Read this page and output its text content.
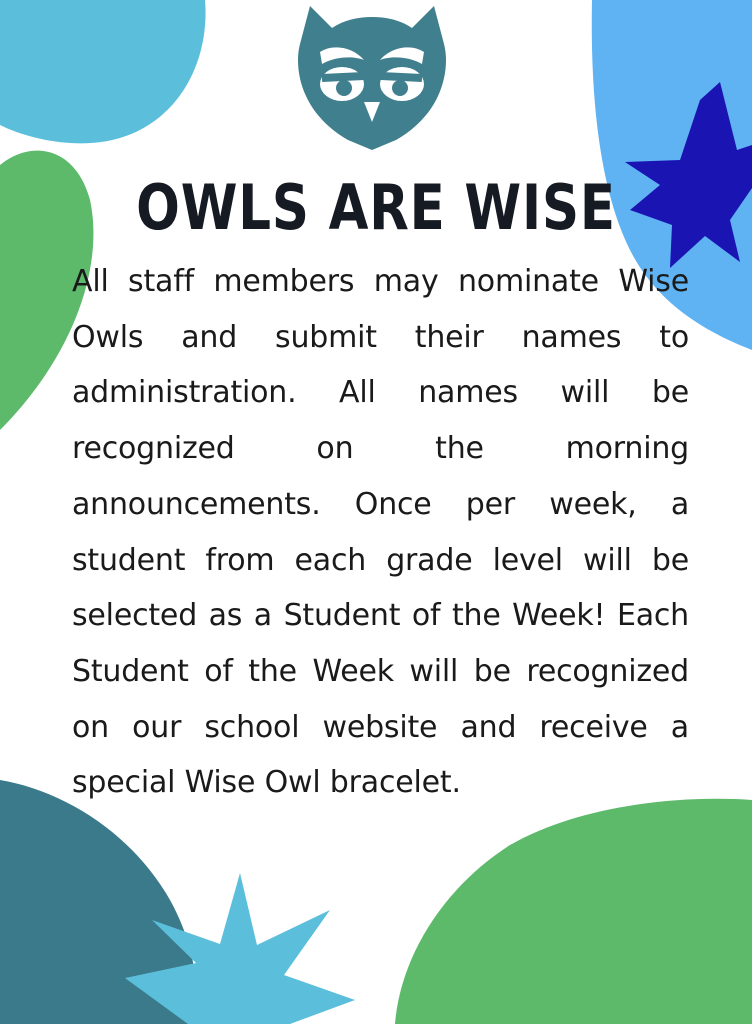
OWLS ARE WISE
All staff members may nominate Wise Owls and submit their names to administration. All names will be recognized on the morning announcements. Once per week, a student from each grade level will be selected as a Student of the Week! Each Student of the Week will be recognized on our school website and receive a special Wise Owl bracelet.
